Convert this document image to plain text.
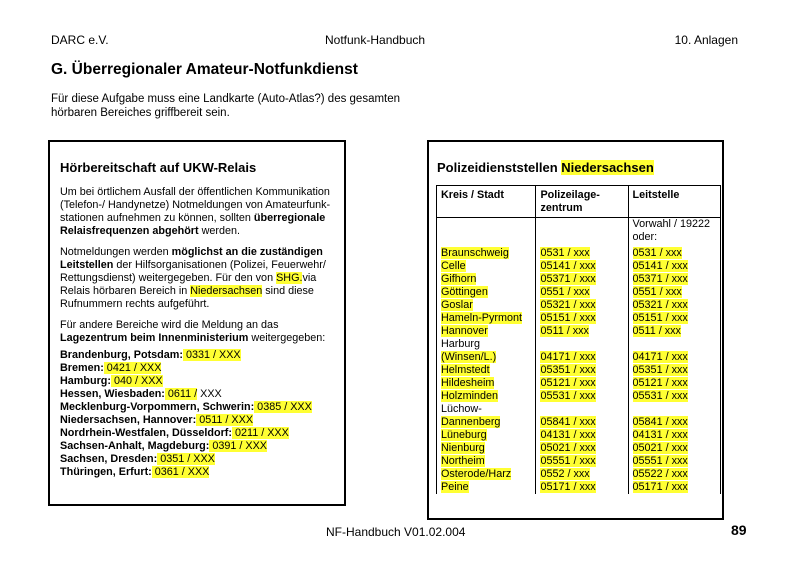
DARC e.V.	Notfunk-Handbuch	10. Anlagen
G. Überregionaler Amateur-Notfunkdienst
Für diese Aufgabe muss eine Landkarte (Auto-Atlas?) des gesamten hörbaren Bereiches griffbereit sein.
Hörbereitschaft auf UKW-Relais

Um bei örtlichem Ausfall der öffentlichen Kommunikation (Telefon-/ Handynetze) Notmeldungen von Amateurfunk-stationen aufnehmen zu können, sollten überregionale Relaisfrequenzen abgehört werden.

Notmeldungen werden möglichst an die zuständigen Leitstellen der Hilfsorganisationen (Polizei, Feuerwehr/ Rettungsdienst) weitergegeben. Für den von SHG.via Relais hörbaren Bereich in Niedersachsen sind diese Rufnummern rechts aufgeführt.

Für andere Bereiche wird die Meldung an das Lagezentrum beim Innenministerium weitergegeben:

Brandenburg, Potsdam: 0331 / XXX
Bremen: 0421 / XXX
Hamburg: 040 / XXX
Hessen, Wiesbaden: 0611 / XXX
Mecklenburg-Vorpommern, Schwerin: 0385 / XXX
Niedersachsen, Hannover: 0511 / XXX
Nordrhein-Westfalen, Düsseldorf: 0211 / XXX
Sachsen-Anhalt, Magdeburg: 0391 / XXX
Sachsen, Dresden: 0351 / XXX
Thüringen, Erfurt: 0361 / XXX
Polizeidienststellen Niedersachsen
Kreis / Stadt	Polizeilage-zentrum	Leitstelle
		Vorwahl / 19222 oder:
Braunschweig	0531 / xxx	0531 / xxx
Celle	05141 / xxx	05141 / xxx
Gifhorn	05371 / xxx	05371 / xxx
Göttingen	0551 / xxx	0551 / xxx
Goslar	05321 / xxx	05321 / xxx
Hameln-Pyrmont	05151 / xxx	05151 / xxx
Hannover	0511 / xxx	0511 / xxx

Harburg
(Winsen/L.)	04171 / xxx	04171 / xxx
Helmstedt	05351 / xxx	05351 / xxx
Hildesheim	05121 / xxx	05121 / xxx
Holzminden	05531 / xxx	05531 / xxx

Lüchow-
Dannenberg	05841 / xxx	05841 / xxx
Lüneburg	04131 / xxx	04131 / xxx
Nienburg	05021 / xxx	05021 / xxx
Northeim	05551 / xxx	05551 / xxx
Osterode/Harz	0552 / xxx	05522 / xxx
Peine	05171 / xxx	05171 / xxx
NF-Handbuch V01.02.004	89
